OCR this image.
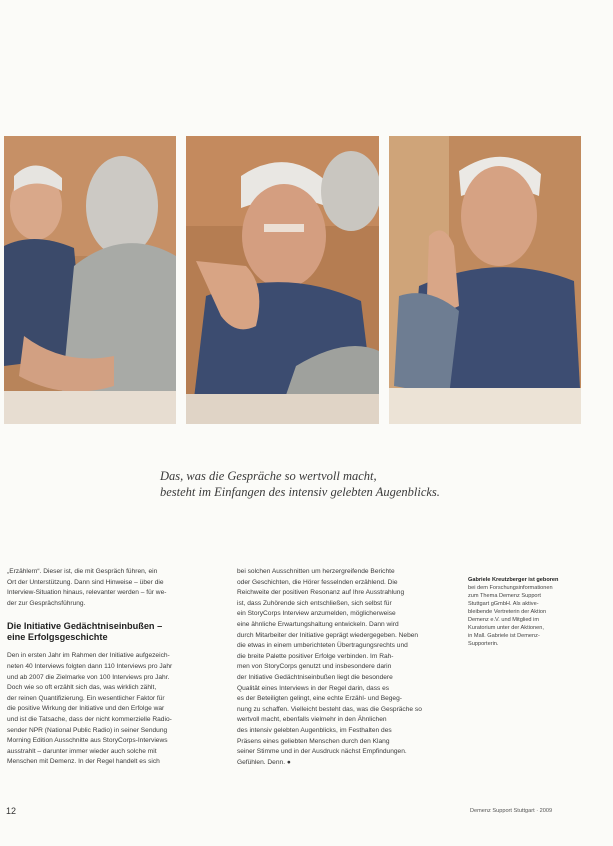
Das, was die Gespräche so wertvoll macht,
besteht im Einfangen des intensiv gelebten Augenblicks.
„Erzählern“. Dieser ist, die mit Gespräch führen, ein
Ort der Unterstützung. Dann sind Hinweise – über die
Interview-Situation hinaus, relevanter werden – für we-
der zur Gesprächsführung.
Die Initiative Gedächtniseinbußen –
eine Erfolgsgeschichte
Den in ersten Jahr im Rahmen der Initiative aufgezeich-
neten 40 Interviews folgten dann 110 Interviews pro Jahr
und ab 2007 die Zielmarke von 100 Interviews pro Jahr.
Doch wie so oft erzählt sich das, was wirklich zählt,
der reinen Quantifizierung. Ein wesentlicher Faktor für
die positive Wirkung der Initiative und den Erfolge war
und ist die Tatsache, dass der nicht kommerzielle Radio-
sender NPR (National Public Radio) in seiner Sendung
Morning Edition Ausschnitte aus StoryCorps-Interviews
ausstrahlt – darunter immer wieder auch solche mit
Menschen mit Demenz. In der Regel handelt es sich
bei solchen Ausschnitten um herzergreifende Berichte
oder Geschichten, die Hörer fesselnden erzählend. Die
Reichweite der positiven Resonanz auf Ihre Ausstrahlung
ist, dass Zuhörende sich entschließen, sich selbst für
ein StoryCorps Interview anzumelden, möglicherweise
eine ähnliche Erwartungshaltung entwickeln. Dann wird
durch Mitarbeiter der Initiative geprägt wiedergegeben. Neben
die etwas in einem umberichteten Übertragungsrechts und
die breite Palette positiver Erfolge verbinden. Im Rah-
men von StoryCorps genutzt und insbesondere darin
der Initiative Gedächtniseinbußen liegt die besondere
Qualität eines Interviews in der Regel darin, dass es
es der Beteiligten gelingt, eine echte Erzähl- und Begeg-
nung zu schaffen. Vielleicht besteht das, was die Gespräche so
wertvoll macht, ebenfalls vielmehr in den Ähnlichen
des intensiv gelebten Augenblicks, im Festhalten des
Präsens eines geliebten Menschen durch den Klang
seiner Stimme und in der Ausdruck nächst Empfindungen.
Gefühlen. Denn. ●
Gabriele Kreutzberger ist geboren
bei dem Forschungsinformationen
zum Thema Demenz Support
Stuttgart gGmbH. Als aktive-
bleibende Vertreterin der Aktion
Demenz e.V. und Mitglied im
Kuratorium unter der Aktionen,
in Mall. Gabriele ist Demenz-
Supporterin.
12	Demenz Support Stuttgart · 2009
